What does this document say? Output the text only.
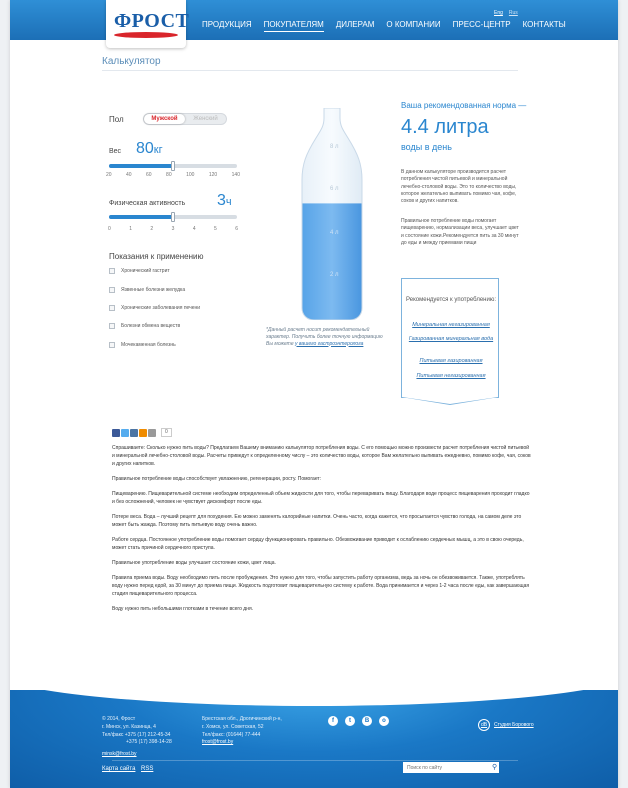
ПРОДУКЦИЯ ПОКУПАТЕЛЯМ ДИЛЕРАМ О КОМПАНИИ ПРЕСС-ЦЕНТР КОНТАКТЫ
Eng Rus
ФРОСТ
Калькулятор
Пол	Мужской	Женский
Вес 80кг
20	40	60	80	100	120	140
Физическая активность 3ч
0	1	2	3	4	5	6
Показания к применению
Хронический гастрит
Язвенные болезни желудка
Хронические заболевания печени
Болезни обмена веществ
Мочекаменная болезнь
8 л
6 л
4 л
2 л
*Данный расчет носит рекомендательный характер. Получить более точную информацию Вы можете у вашего гастроэнтеролога
Ваша рекомендованная норма —
4.4 литра
воды в день
В данном калькуляторе производится расчет потребления чистой питьевой и минеральной лечебно-столовой воды. Это то количество воды, которое желательно выпивать помимо чая, кофе, соков и других напитков.
Правильное потребление воды помогает пищеварению, нормализации веса, улучшает цвет и состояние кожи.Рекомендуется пить за 30 минут до еды и между приемами пищи
Рекомендуется к употреблению:
Минеральная негазированная
Газированная минеральная вода
Питьевая газированная
Питьевая негазированная
0

Спрашиваете: Сколько нужно пить воды? Предлагаем Вашему вниманию калькулятор потребления воды. С его помощью можно произвести расчет потребления чистой питьевой и минеральной лечебно-столовой воды. Расчеты приведут к определенному числу – это количество воды, которое Вам желательно выпивать ежедневно, помимо кофе, чая, соков и других напитков.

Правильное потребление воды способствует увлажнению, регенерации, росту. Помогает:

Пищеварению. Пищеварительной системе необходим определенный объем жидкости для того, чтобы переваривать пищу. Благодаря воде процесс пищеварения проходит гладко и без осложнений, человек не чувствует дискомфорт после еды.

Потере веса. Вода – лучший рецепт для похудения. Ею можно заменять калорийные напитки. Очень часто, когда кажется, что просыпается чувство голода, на самом деле это может быть жажда. Поэтому пить питьевую воду очень важно.

Работе сердца. Постоянное употребление воды помогает сердцу функционировать правильно. Обезвоживание приводит к ослаблению сердечных мышц, а это в свою очередь, может стать причиной сердечного приступа.

Правильное употребление воды улучшает состояние кожи, цвет лица.

Правила приема воды. Воду необходимо пить после пробуждения. Это нужно для того, чтобы запустить работу организма, ведь за ночь он обезвоживается. Также, употреблять воду нужно перед едой, за 30 минут до приема пищи. Жидкость подготовит пищеварительную систему к работе. Вода принимается и через 1-2 часа после еды, как завершающая стадия пищеварительного процесса.

Воду нужно пить небольшими глотками в течение всего дня.

© 2014, Фрост
г. Минск, ул. Казинца, 4
Тел/факс +375 (17) 212-45-34
+375 (17) 398-14-28
minsk@frost.by
Брестская обл., Дрогичинский р-н,
г. Хомск, ул. Советская, 52
Тел/факс: (01644) 77-444
frost@frost.by
f	t	В	о
dB	Студия Борового
Карта сайта RSS
Поиск по сайту	⚲
